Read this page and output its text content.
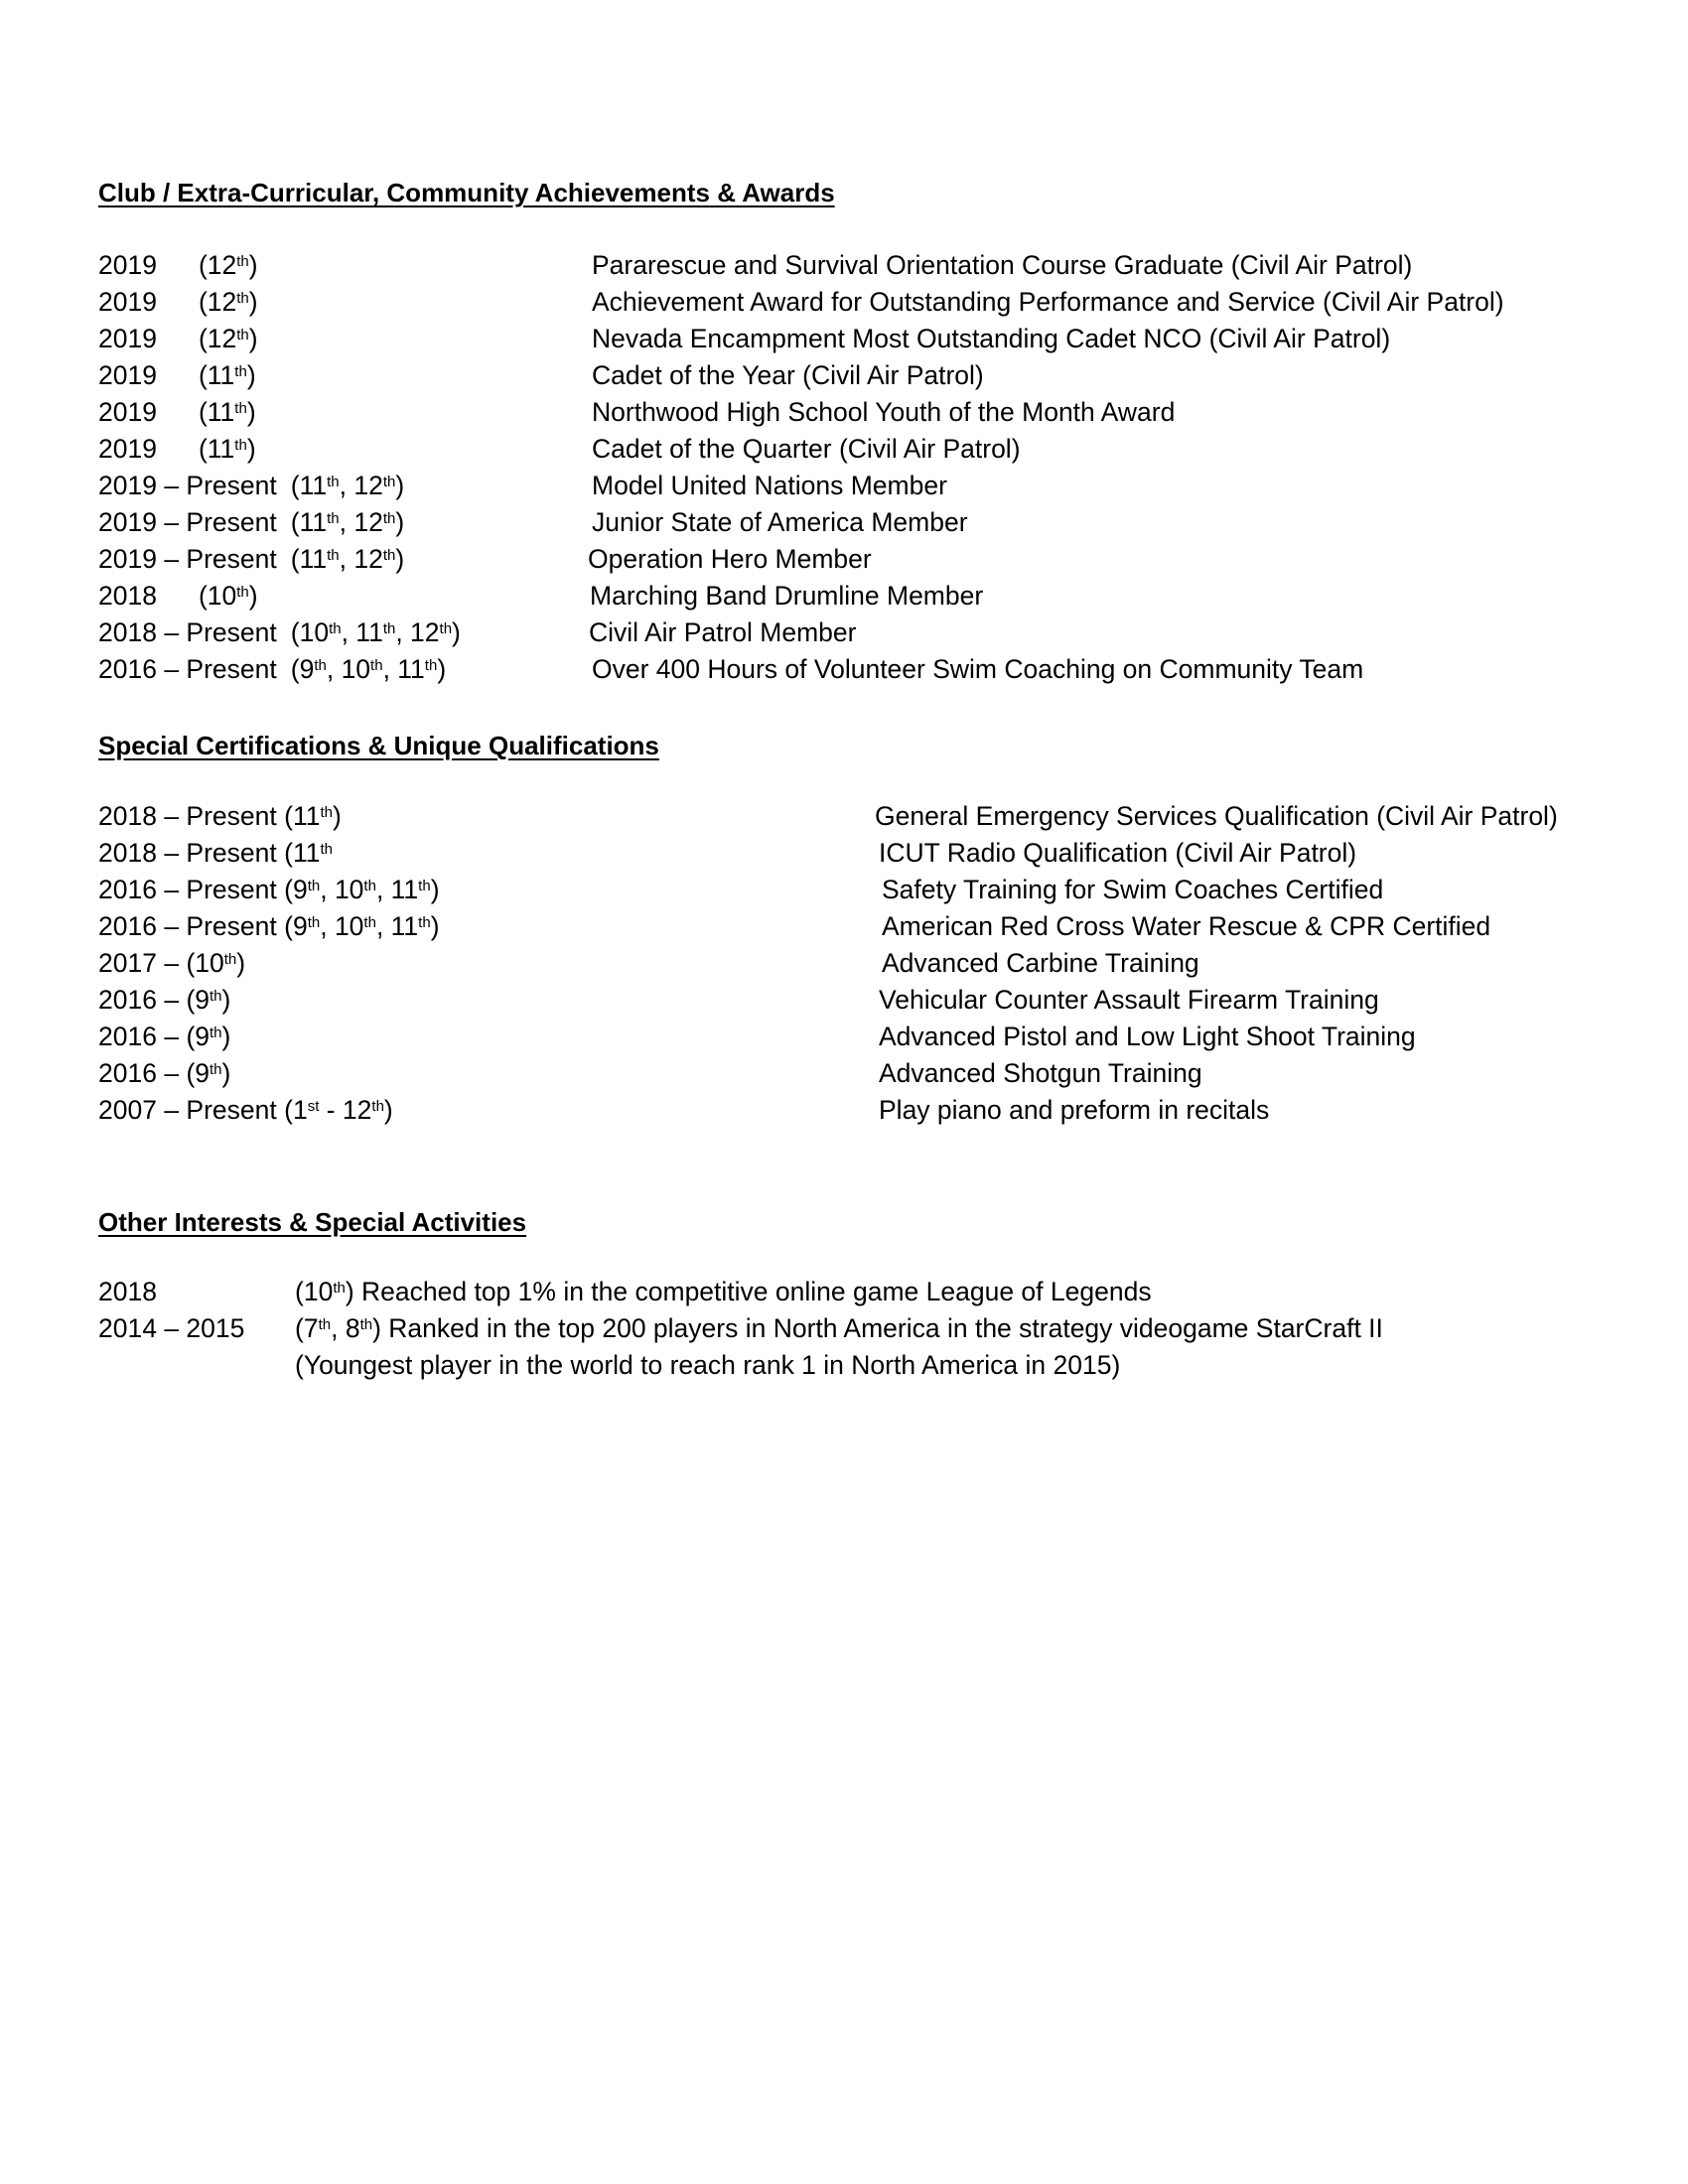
Club / Extra-Curricular, Community Achievements & Awards
2019 (12th)	Pararescue and Survival Orientation Course Graduate (Civil Air Patrol)
2019 (12th)	Achievement Award for Outstanding Performance and Service (Civil Air Patrol)
2019 (12th)	Nevada Encampment Most Outstanding Cadet NCO (Civil Air Patrol)
2019 (11th)	Cadet of the Year (Civil Air Patrol)
2019 (11th)	Northwood High School Youth of the Month Award
2019 (11th)	Cadet of the Quarter (Civil Air Patrol)
2019 – Present (11th, 12th)	Model United Nations Member
2019 – Present (11th, 12th)	Junior State of America Member
2019 – Present (11th, 12th)	Operation Hero Member
2018 (10th)	Marching Band Drumline Member
2018 – Present (10th, 11th, 12th)	Civil Air Patrol Member
2016 – Present (9th, 10th, 11th)	Over 400 Hours of Volunteer Swim Coaching on Community Team
Special Certifications & Unique Qualifications
2018 – Present (11th)	General Emergency Services Qualification (Civil Air Patrol)
2018 – Present (11th	ICUT Radio Qualification (Civil Air Patrol)
2016 – Present (9th, 10th, 11th)	Safety Training for Swim Coaches Certified
2016 – Present (9th, 10th, 11th)	American Red Cross Water Rescue & CPR Certified
2017 – (10th)	Advanced Carbine Training
2016 – (9th)	Vehicular Counter Assault Firearm Training
2016 – (9th)	Advanced Pistol and Low Light Shoot Training
2016 – (9th)	Advanced Shotgun Training
2007 – Present (1st - 12th)	Play piano and preform in recitals
Other Interests & Special Activities
2018	(10th) Reached top 1% in the competitive online game League of Legends
2014 – 2015 (7th, 8th) Ranked in the top 200 players in North America in the strategy videogame StarCraft II
(Youngest player in the world to reach rank 1 in North America in 2015)
